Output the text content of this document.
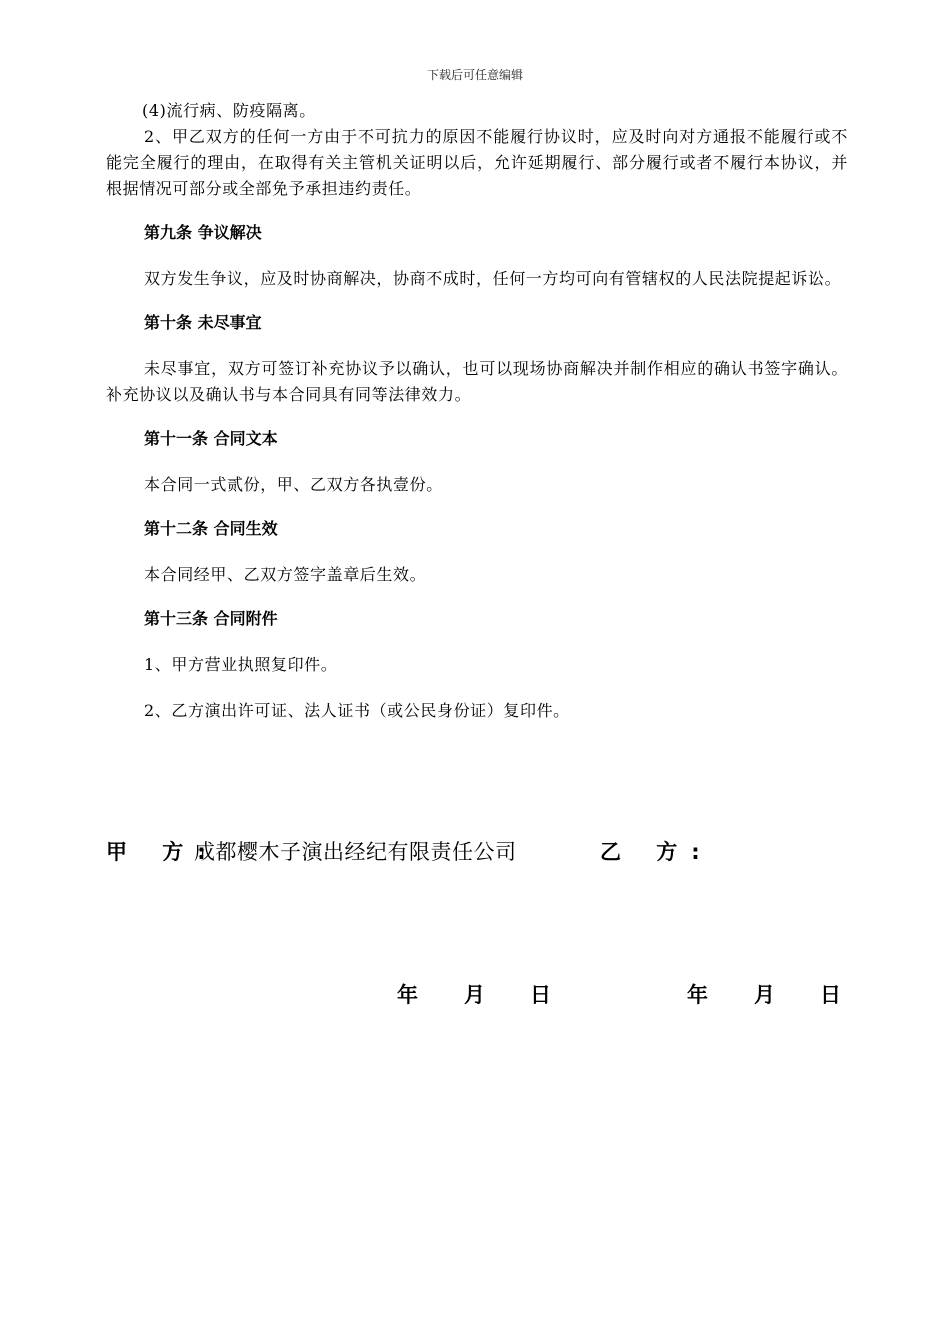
下载后可任意编辑

(4)流行病、防疫隔离。

2、甲乙双方的任何一方由于不可抗力的原因不能履行协议时，应及时向对方通报不能履行或不能完全履行的理由，在取得有关主管机关证明以后，允许延期履行、部分履行或者不履行本协议，并根据情况可部分或全部免予承担违约责任。

第九条 争议解决

双方发生争议，应及时协商解决，协商不成时，任何一方均可向有管辖权的人民法院提起诉讼。

第十条 未尽事宜

未尽事宜，双方可签订补充协议予以确认，也可以现场协商解决并制作相应的确认书签字确认。补充协议以及确认书与本合同具有同等法律效力。

第十一条 合同文本

本合同一式贰份，甲、乙双方各执壹份。

第十二条 合同生效

本合同经甲、乙双方签字盖章后生效。

第十三条 合同附件

1、甲方营业执照复印件。

2、乙方演出许可证、法人证书（或公民身份证）复印件。

甲 方:
成都樱木子演出经纪有限责任公司	乙 方:
年 月 日	年 月 日
